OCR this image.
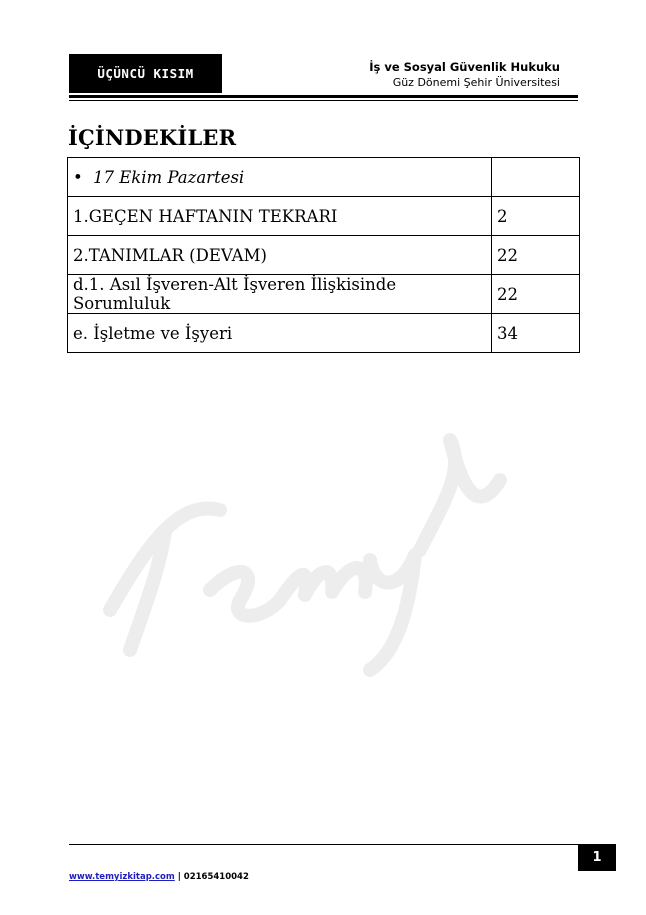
ÜÇÜNCÜ KISIM	İş ve Sosyal Güvenlik Hukuku
Güz Dönemi Şehir Üniversitesi
İÇİNDEKİLER
• 17 Ekim Pazartesi	
1.GEÇEN HAFTANIN TEKRARI	2
2.TANIMLAR (DEVAM)	22
d.1. Asıl İşveren-Alt İşveren İlişkisinde Sorumluluk	22
e. İşletme ve İşyeri	34
1
www.temyizkitap.com | 02165410042
